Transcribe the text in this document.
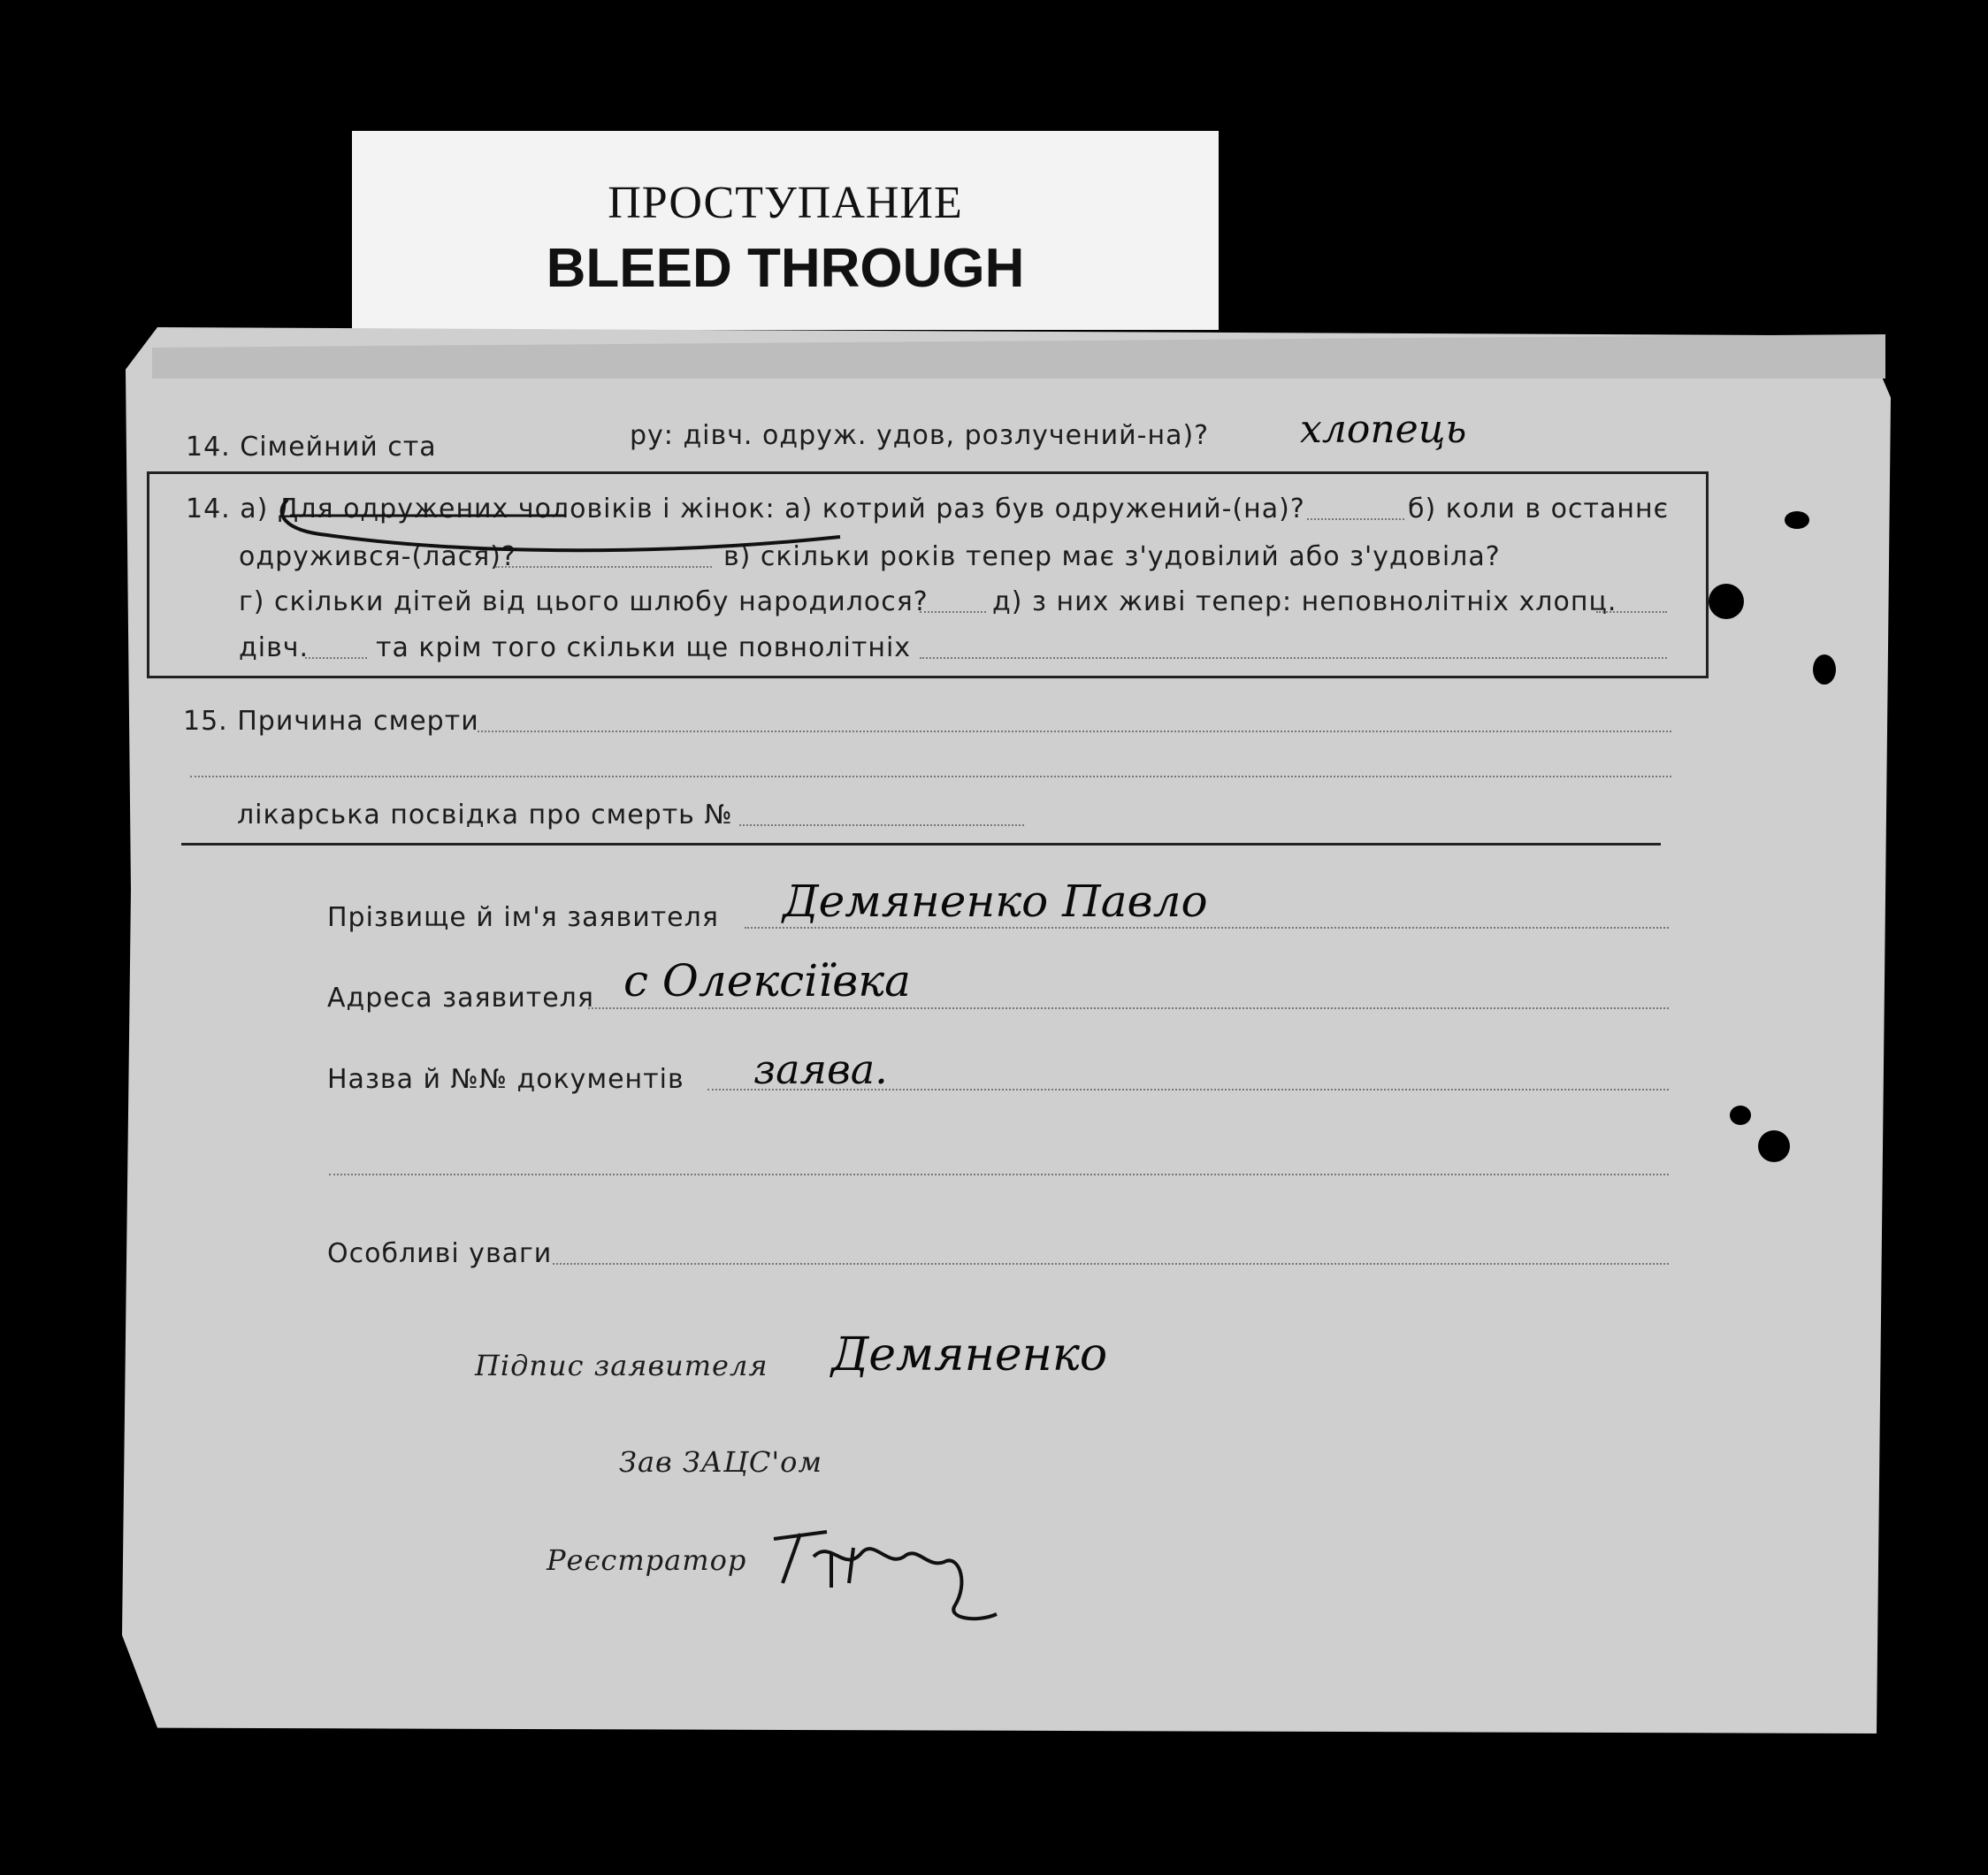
ПРОСТУПАНИЕ
BLEED THROUGH
14. Сімейний ста	ру: дівч. одруж. удов, розлучений-на)? хлопець
14. а) Для одружених чоловіків і жінок: а) котрий раз був одружений-(на)?	б) коли в останнє
одружився-(лася)?	в) скільки років тепер має з'удовілий або з'удовіла?
г) скільки дітей від цього шлюбу народилося? д) з них живі тепер: неповнолітніх хлопц.
дівч.	та крім того скільки ще повнолітніх
15. Причина смерти
лікарська посвідка про смерть №
Прізвище й ім'я заявителя Демяненко Павло
Адреса заявителя с Олексіївка
Назва й №№ документів заява.
Особливі уваги
Підпис заявителя Демяненко
Зав ЗАЦС'ом
Реєстратор
